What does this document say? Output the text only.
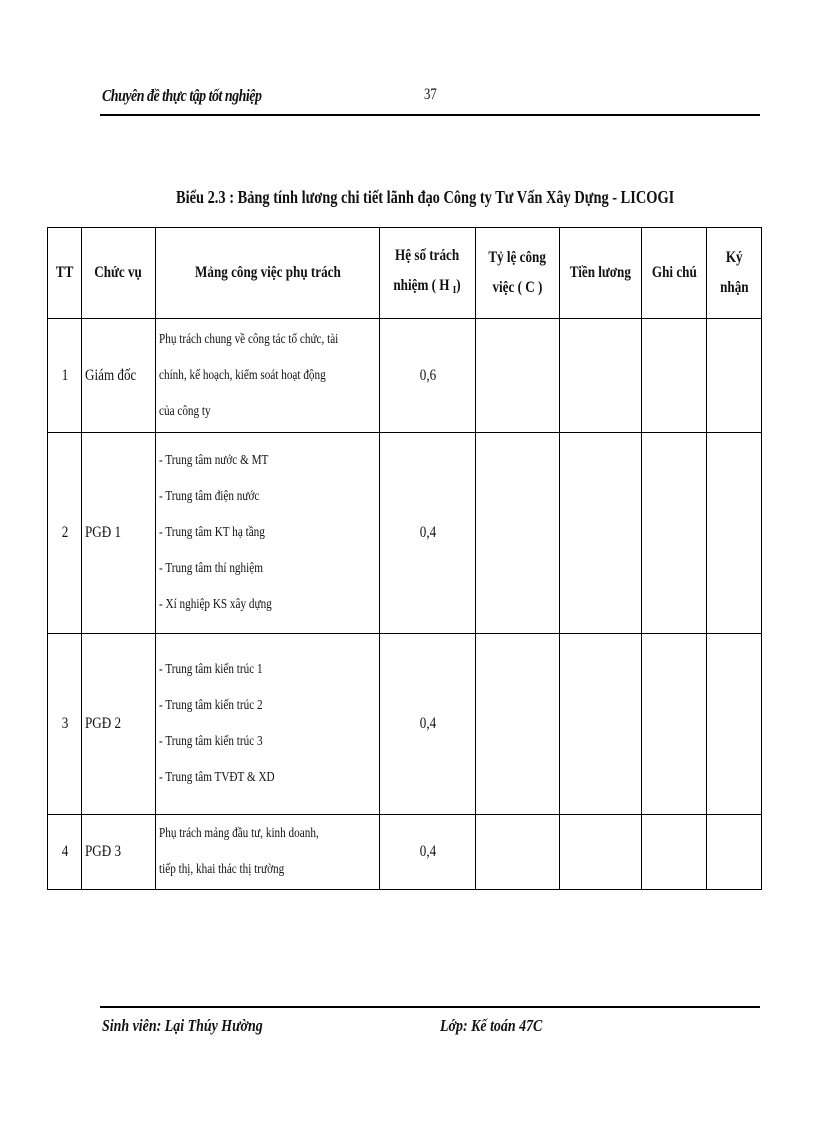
Chuyên đề thực tập tốt nghiệp	37
Biểu 2.3 : Bảng tính lương chi tiết lãnh đạo Công ty Tư Vấn Xây Dựng - LICOGI
TT	Chức vụ	Mảng công việc phụ trách	Hệ số trách
nhiệm ( H $_I$)	Tỷ lệ công
việc ( C )	Tiền lương	Ghi chú	Ký
nhận
1	Giám đốc	Phụ trách chung về công tác tổ chức, tài
chính, kế hoạch, kiểm soát hoạt động
của công ty	0,6				
2	PGĐ 1	- Trung tâm nước & MT
- Trung tâm điện nước
- Trung tâm KT hạ tầng
- Trung tâm thí nghiệm
- Xí nghiệp KS xây dựng	0,4				
3	PGĐ 2	- Trung tâm kiến trúc 1
- Trung tâm kiến trúc 2
- Trung tâm kiến trúc 3
- Trung tâm TVĐT & XD	0,4				
4	PGĐ 3	Phụ trách mảng đầu tư, kinh doanh,
tiếp thị, khai thác thị trường	0,4				
Sinh viên: Lại Thúy Hường	Lớp: Kế toán 47C
